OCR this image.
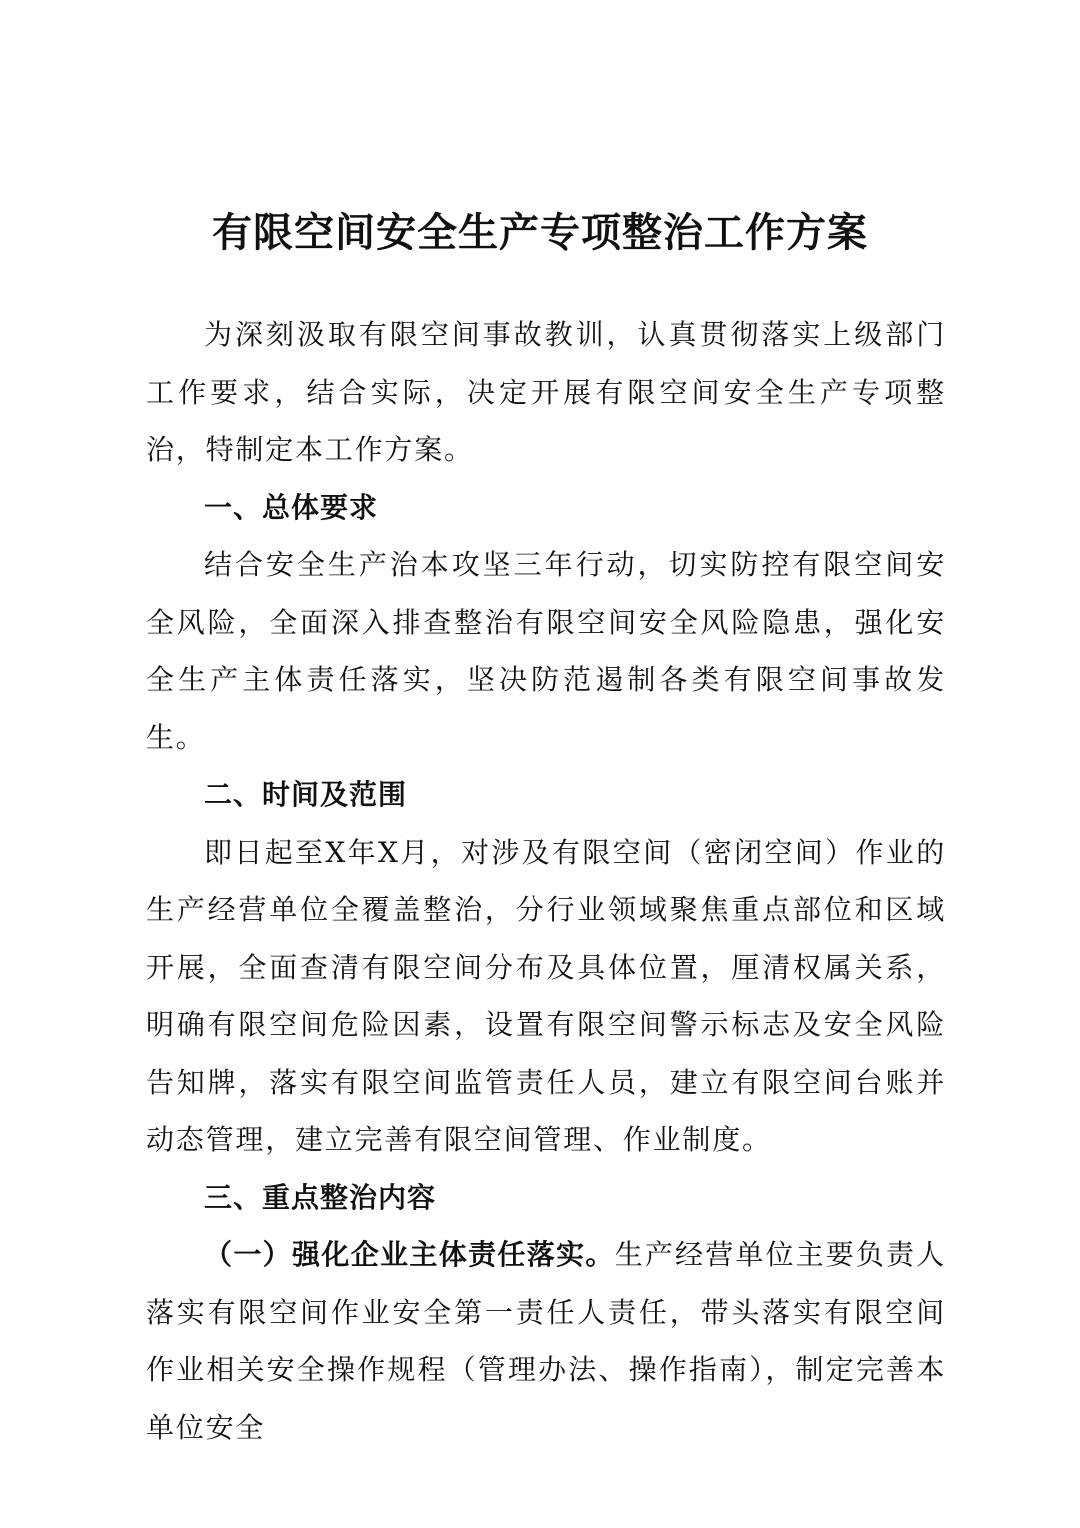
有限空间安全生产专项整治工作方案

为深刻汲取有限空间事故教训，认真贯彻落实上级部门工作要求，结合实际，决定开展有限空间安全生产专项整治，特制定本工作方案。

一、总体要求

结合安全生产治本攻坚三年行动，切实防控有限空间安全风险，全面深入排查整治有限空间安全风险隐患，强化安全生产主体责任落实，坚决防范遏制各类有限空间事故发生。

二、时间及范围

即日起至X年X月，对涉及有限空间（密闭空间）作业的生产经营单位全覆盖整治，分行业领域聚焦重点部位和区域开展，全面查清有限空间分布及具体位置，厘清权属关系，明确有限空间危险因素，设置有限空间警示标志及安全风险告知牌，落实有限空间监管责任人员，建立有限空间台账并动态管理，建立完善有限空间管理、作业制度。

三、重点整治内容

（一）强化企业主体责任落实。生产经营单位主要负责人落实有限空间作业安全第一责任人责任，带头落实有限空间作业相关安全操作规程（管理办法、操作指南），制定完善本单位安全
